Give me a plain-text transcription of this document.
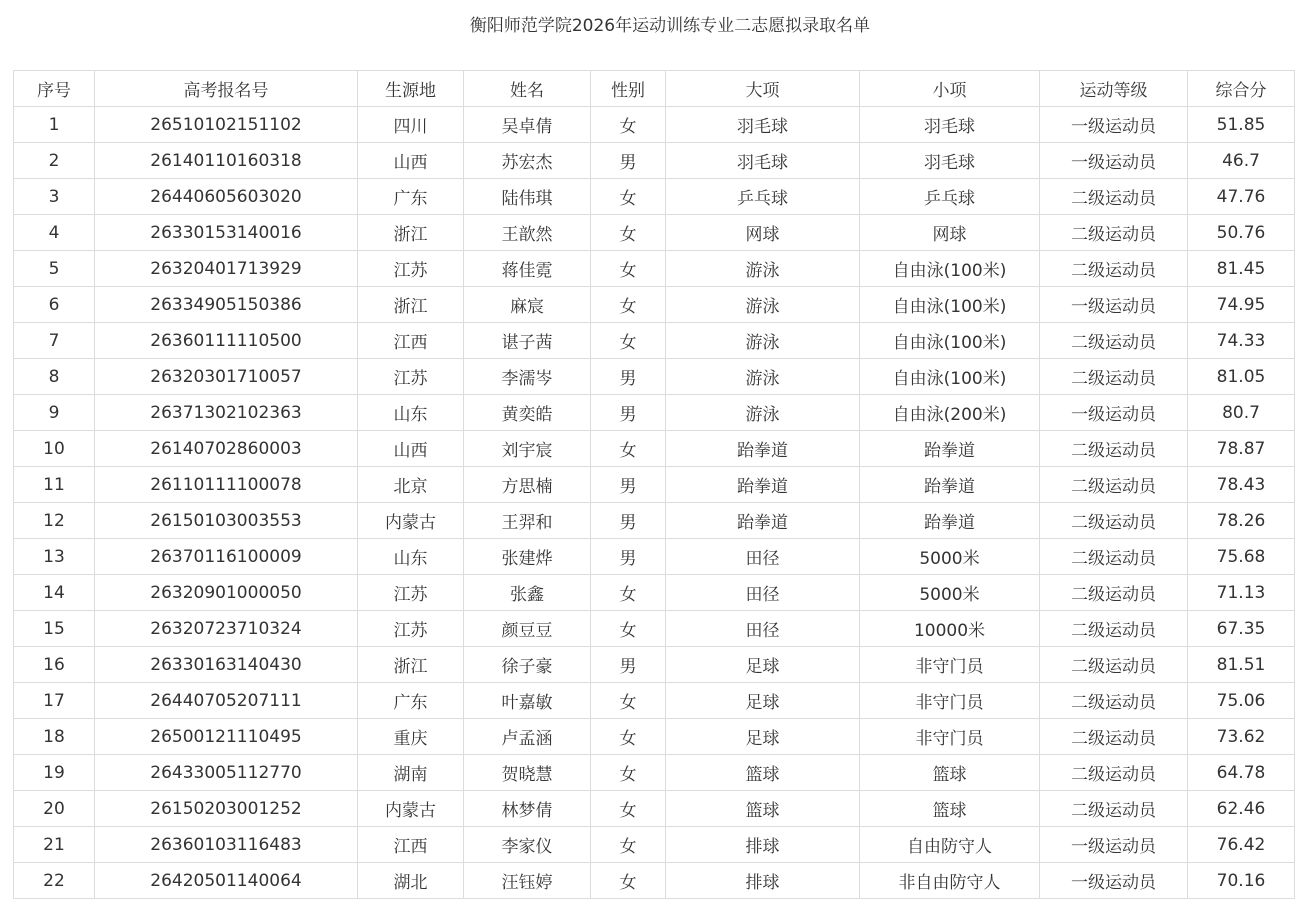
衡阳师范学院2026年运动训练专业二志愿拟录取名单
序号	高考报名号	生源地	姓名	性别	大项	小项	运动等级	综合分
1	26510102151102	四川	吴卓倩	女	羽毛球	羽毛球	一级运动员	51.85
2	26140110160318	山西	苏宏杰	男	羽毛球	羽毛球	一级运动员	46.7
3	26440605603020	广东	陆伟琪	女	乒乓球	乒乓球	二级运动员	47.76
4	26330153140016	浙江	王歆然	女	网球	网球	二级运动员	50.76
5	26320401713929	江苏	蒋佳霓	女	游泳	自由泳(100米)	二级运动员	81.45
6	26334905150386	浙江	麻宸	女	游泳	自由泳(100米)	一级运动员	74.95
7	26360111110500	江西	谌子茜	女	游泳	自由泳(100米)	二级运动员	74.33
8	26320301710057	江苏	李濡岑	男	游泳	自由泳(100米)	二级运动员	81.05
9	26371302102363	山东	黄奕皓	男	游泳	自由泳(200米)	一级运动员	80.7
10	26140702860003	山西	刘宇宸	女	跆拳道	跆拳道	二级运动员	78.87
11	26110111100078	北京	方思楠	男	跆拳道	跆拳道	二级运动员	78.43
12	26150103003553	内蒙古	王羿和	男	跆拳道	跆拳道	二级运动员	78.26
13	26370116100009	山东	张建烨	男	田径	5000米	二级运动员	75.68
14	26320901000050	江苏	张鑫	女	田径	5000米	二级运动员	71.13
15	26320723710324	江苏	颜豆豆	女	田径	10000米	二级运动员	67.35
16	26330163140430	浙江	徐子豪	男	足球	非守门员	二级运动员	81.51
17	26440705207111	广东	叶嘉敏	女	足球	非守门员	二级运动员	75.06
18	26500121110495	重庆	卢孟涵	女	足球	非守门员	二级运动员	73.62
19	26433005112770	湖南	贺晓慧	女	篮球	篮球	二级运动员	64.78
20	26150203001252	内蒙古	林梦倩	女	篮球	篮球	二级运动员	62.46
21	26360103116483	江西	李家仪	女	排球	自由防守人	一级运动员	76.42
22	26420501140064	湖北	汪钰婷	女	排球	非自由防守人	一级运动员	70.16
